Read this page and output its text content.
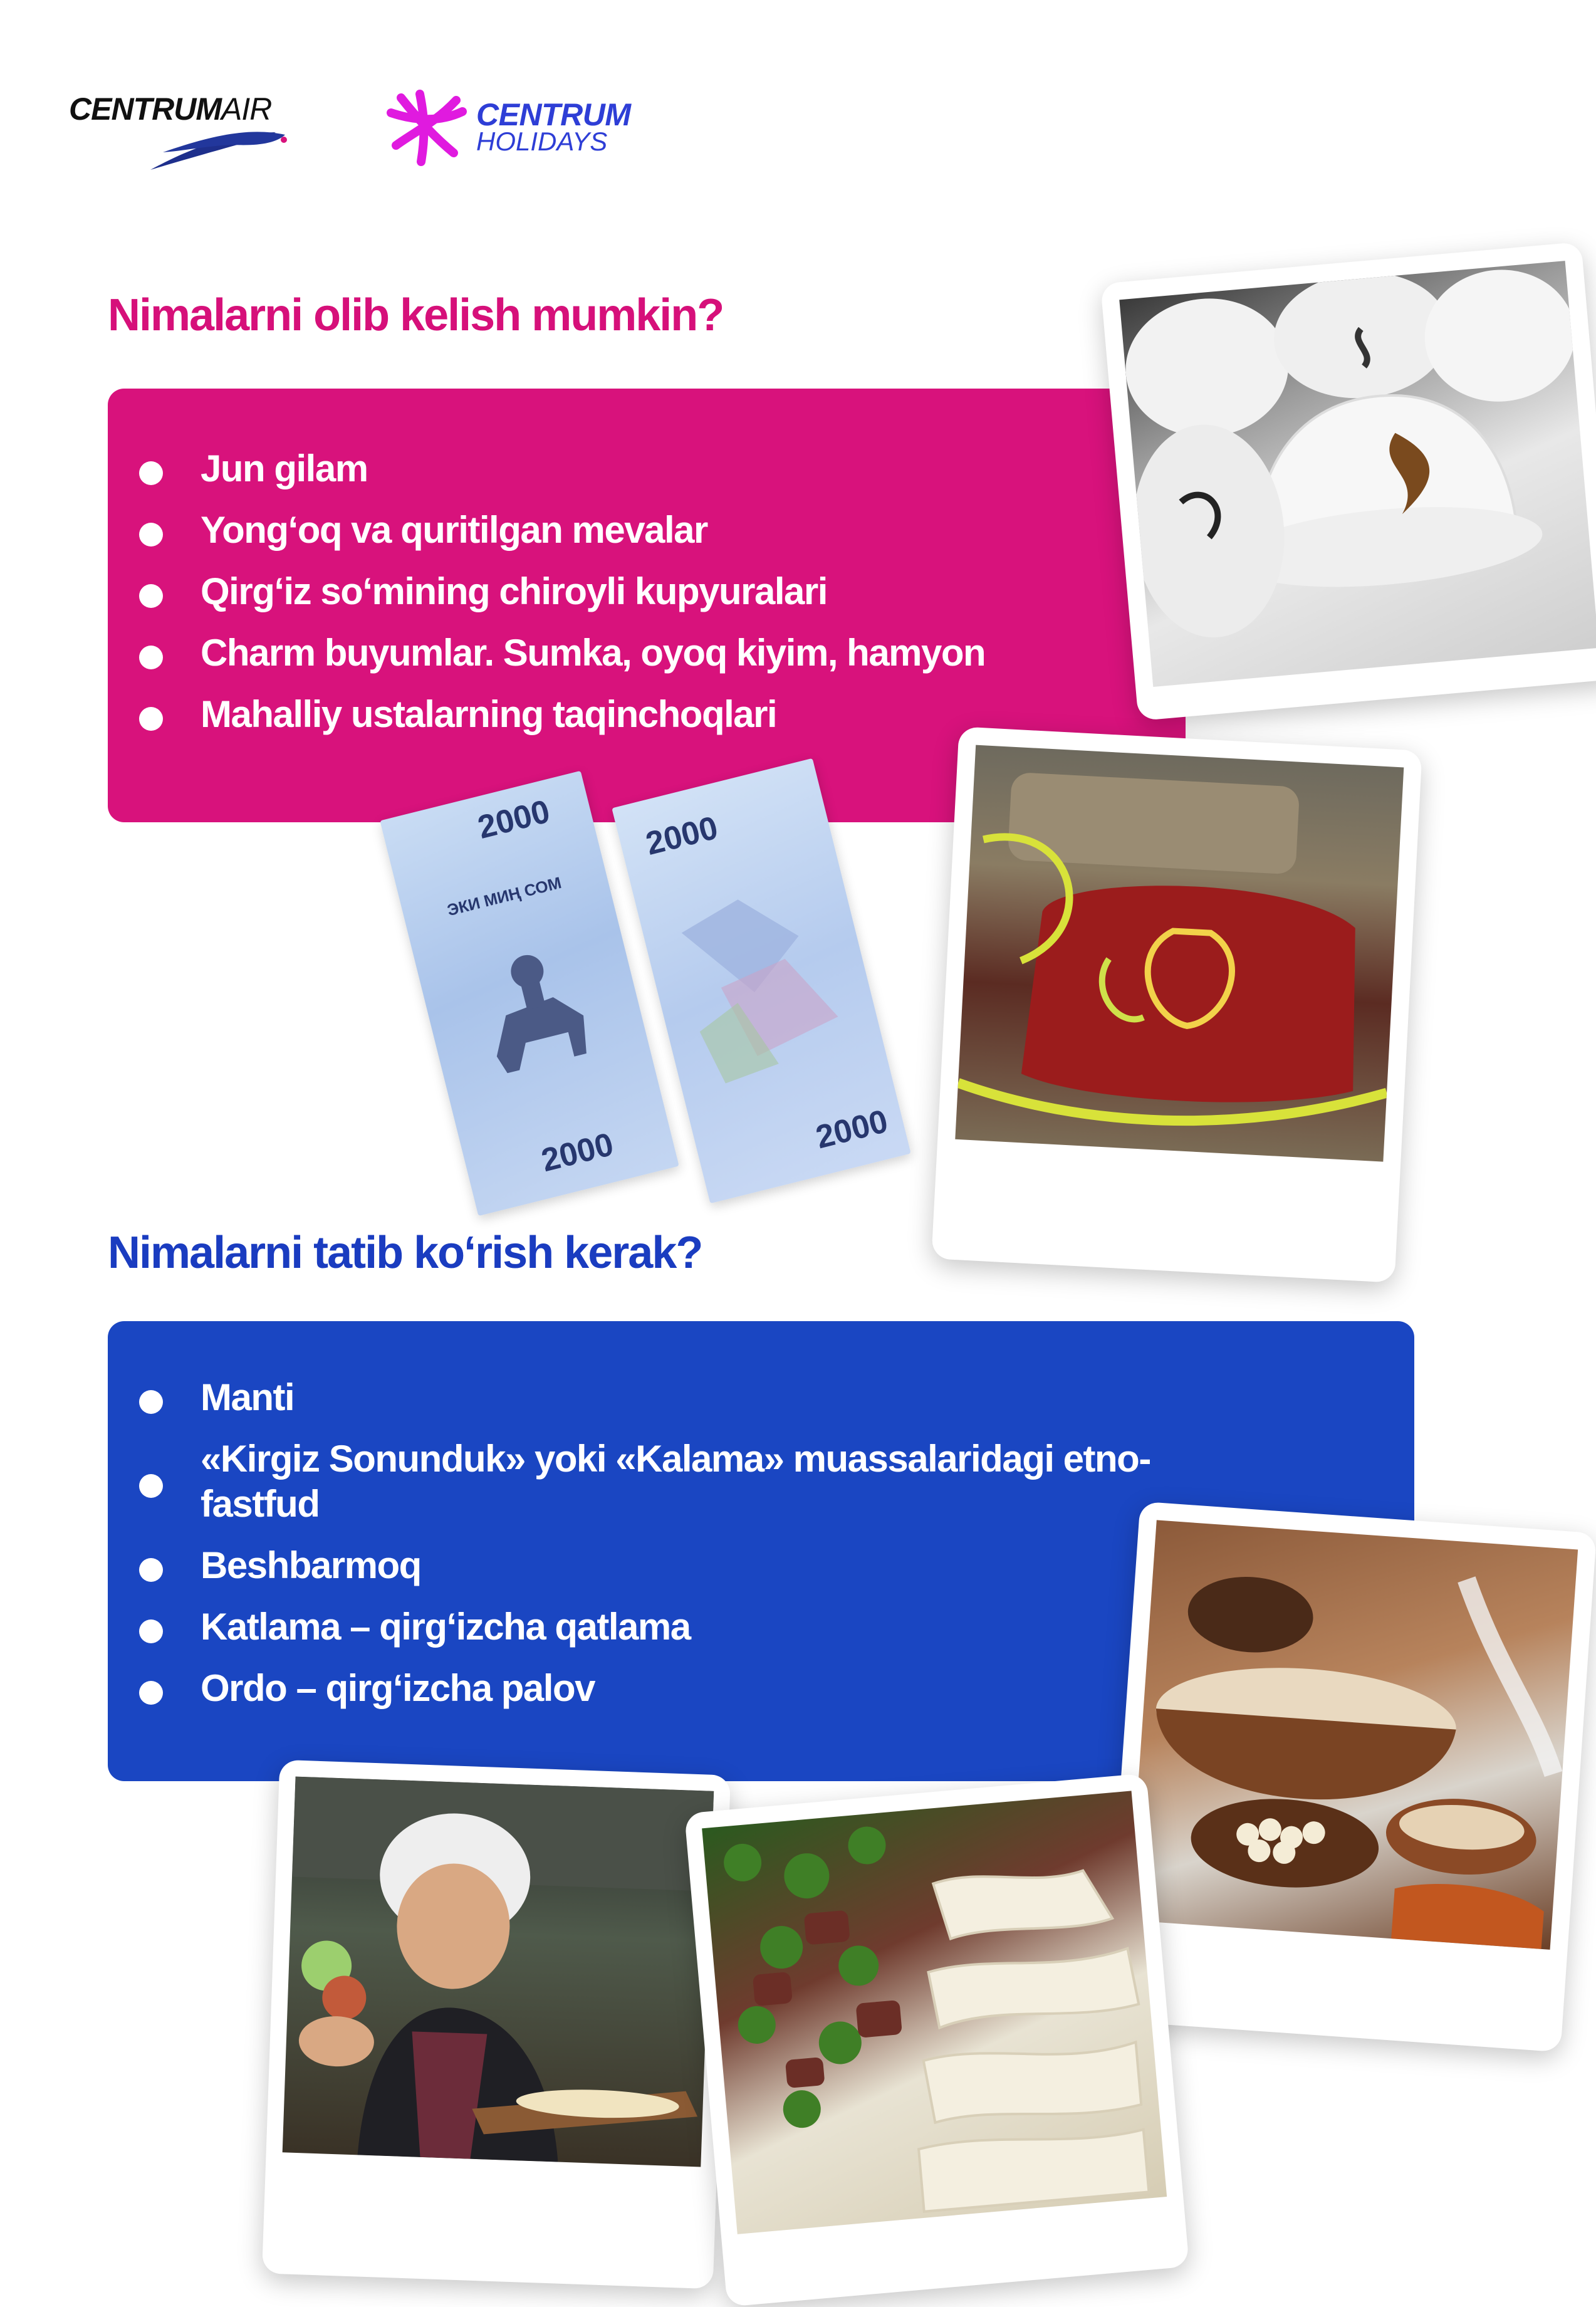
CENTRUMAIR	CENTRUM
HOLIDAYS
Nimalarni olib kelish mumkin?
Jun gilam
Yong‘oq va quritilgan mevalar
Qirg‘iz so‘mining chiroyli kupyuralari
Charm buyumlar. Sumka, oyoq kiyim, hamyon
Mahalliy ustalarning taqinchoqlari
2000
ЭКИ МИҢ СОМ
2000
2000
2000
Nimalarni tatib ko‘rish kerak?
Manti
«Kirgiz Sonunduk» yoki «Kalama» muassalaridagi etno-fastfud
Beshbarmoq
Katlama – qirg‘izcha qatlama
Ordo – qirg‘izcha palov
